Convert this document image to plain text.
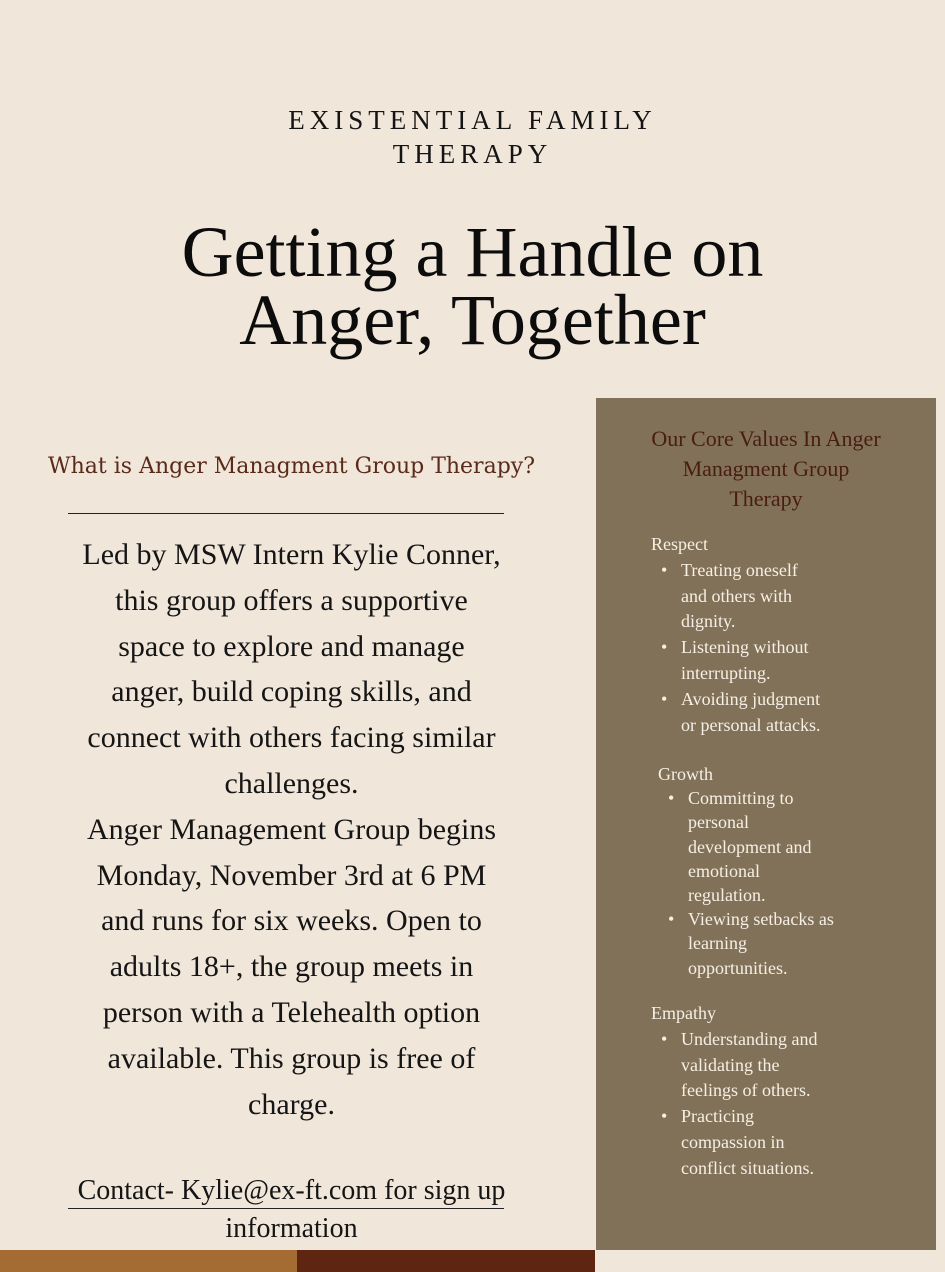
EXISTENTIAL FAMILY
THERAPY
Getting a Handle on
Anger, Together
What is Anger Managment Group Therapy?
Led by MSW Intern Kylie Conner,
this group offers a supportive
space to explore and manage
anger, build coping skills, and
connect with others facing similar
challenges.
Anger Management Group begins
Monday, November 3rd at 6 PM
and runs for six weeks. Open to
adults 18+, the group meets in
person with a Telehealth option
available. This group is free of
charge.
Contact- Kylie@ex-ft.com for sign up
information
Our Core Values In Anger
Managment Group
Therapy
Respect
• Treating oneself
and others with
dignity.
• Listening without
interrupting.
• Avoiding judgment
or personal attacks.
Growth
• Committing to
personal
development and
emotional
regulation.
• Viewing setbacks as
learning
opportunities.
Empathy
• Understanding and
validating the
feelings of others.
• Practicing
compassion in
conflict situations.
